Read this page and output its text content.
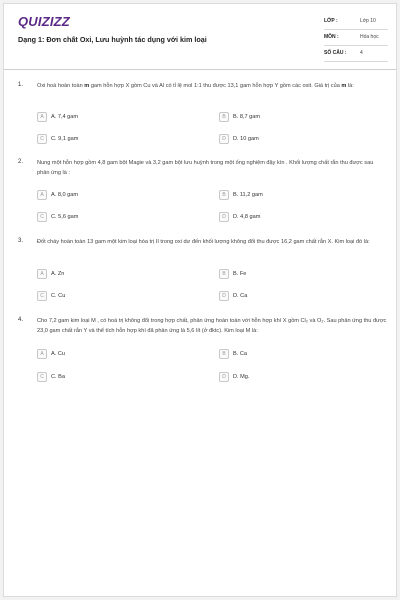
QUIZIZZ
Dạng 1: Đơn chất Oxi, Lưu huỳnh tác dụng với kim loại
LỚP :	Lớp 10
MÔN :	Hóa học
SỐ CÂU :	4
1. Oxi hoá hoàn toàn m gam hỗn hợp X gồm Cu và Al có tỉ lệ mol 1:1 thu được 13,1 gam hỗn hợp Y gồm các oxit. Giá trị của m là:
A	A. 7,4 gam	B	B. 8,7 gam
C	C. 9,1 gam	D	D. 10 gam
2. Nung một hỗn hợp gồm 4,8 gam bột Magie và 3,2 gam bột lưu huỳnh trong một ống nghiệm đậy kín . Khối lượng chất rắn thu được sau phản ứng là :
A	A. 8,0 gam	B	B. 11,2 gam
C	C. 5,6 gam	D	D. 4,8 gam
3. Đốt cháy hoàn toàn 13 gam một kim loại hóa trị II trong oxi dư đến khối lượng không đổi thu được 16,2 gam chất rắn X. Kim loại đó là:
A	A. Zn	B	B. Fe
C	C. Cu	D	D. Ca
4. Cho 7,2 gam kim loại M , có hoá trị không đổi trong hợp chất, phản ứng hoàn toàn với hỗn hợp khí X gồm Cl₂ và O₂. Sau phản ứng thu được 23,0 gam chất rắn Y và thể tích hỗn hợp khí đã phản ứng là 5,6 lít (ở đktc). Kim loại M là:
A	A. Cu	B	B. Ca
C	C. Ba	D	D. Mg.
